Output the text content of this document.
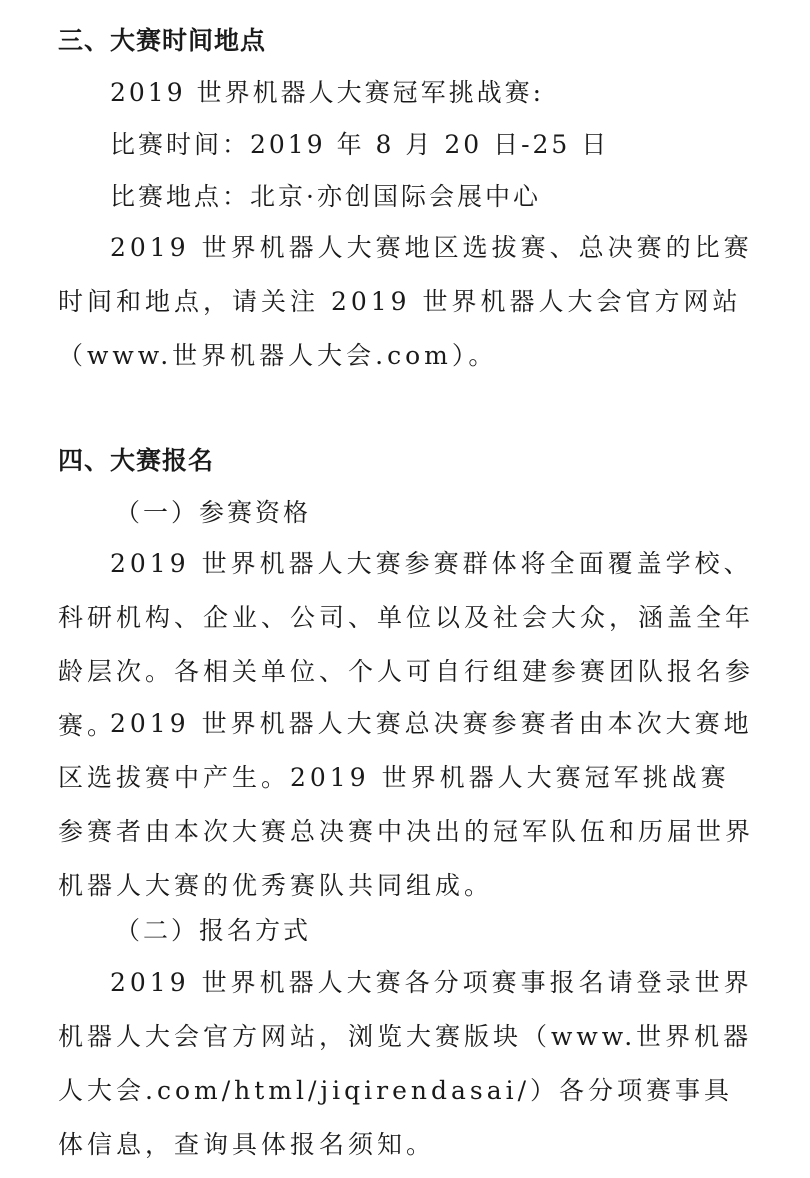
三、大赛时间地点
2019 世界机器人大赛冠军挑战赛:
比赛时间：2019 年 8 月 20 日-25 日
比赛地点：北京·亦创国际会展中心
2019 世界机器人大赛地区选拔赛、总决赛的比赛时间和地点，请关注 2019 世界机器人大会官方网站（www.世界机器人大会.com）。
四、大赛报名
（一）参赛资格
2019 世界机器人大赛参赛群体将全面覆盖学校、科研机构、企业、公司、单位以及社会大众，涵盖全年龄层次。各相关单位、个人可自行组建参赛团队报名参赛。
2019 世界机器人大赛总决赛参赛者由本次大赛地区选拔赛中产生。2019 世界机器人大赛冠军挑战赛参赛者由本次大赛总决赛中决出的冠军队伍和历届世界机器人大赛的优秀赛队共同组成。
（二）报名方式
2019 世界机器人大赛各分项赛事报名请登录世界机器人大会官方网站，浏览大赛版块（www.世界机器人大会.com/html/jiqirendasai/）各分项赛事具体信息，查询具体报名须知。
